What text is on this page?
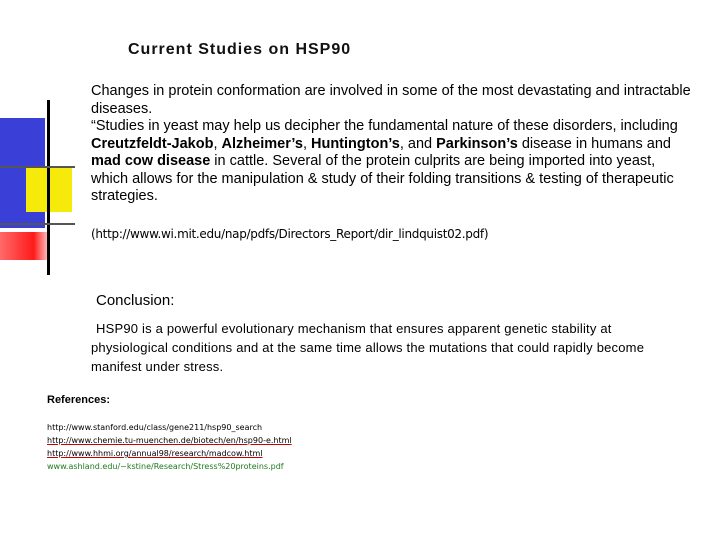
Current Studies on HSP90

Changes in protein conformation are involved in some of the most devastating and intractable diseases.

“Studies in yeast may help us decipher the fundamental nature of these disorders, including Creutzfeldt-Jakob, Alzheimer’s, Huntington’s, and Parkinson’s disease in humans and mad cow disease in cattle. Several of the protein culprits are being imported into yeast, which allows for the manipulation & study of their folding transitions & testing of therapeutic strategies.

(http://www.wi.mit.edu/nap/pdfs/Directors_Report/dir_lindquist02.pdf)

Conclusion:

HSP90 is a powerful evolutionary mechanism that ensures apparent genetic stability at physiological conditions and at the same time allows the mutations that could rapidly become manifest under stress.

References:

http://www.stanford.edu/class/gene211/hsp90_search
http://www.chemie.tu-muenchen.de/biotech/en/hsp90-e.html
http://www.hhmi.org/annual98/research/madcow.html
www.ashland.edu/~kstine/Research/Stress%20proteins.pdf
